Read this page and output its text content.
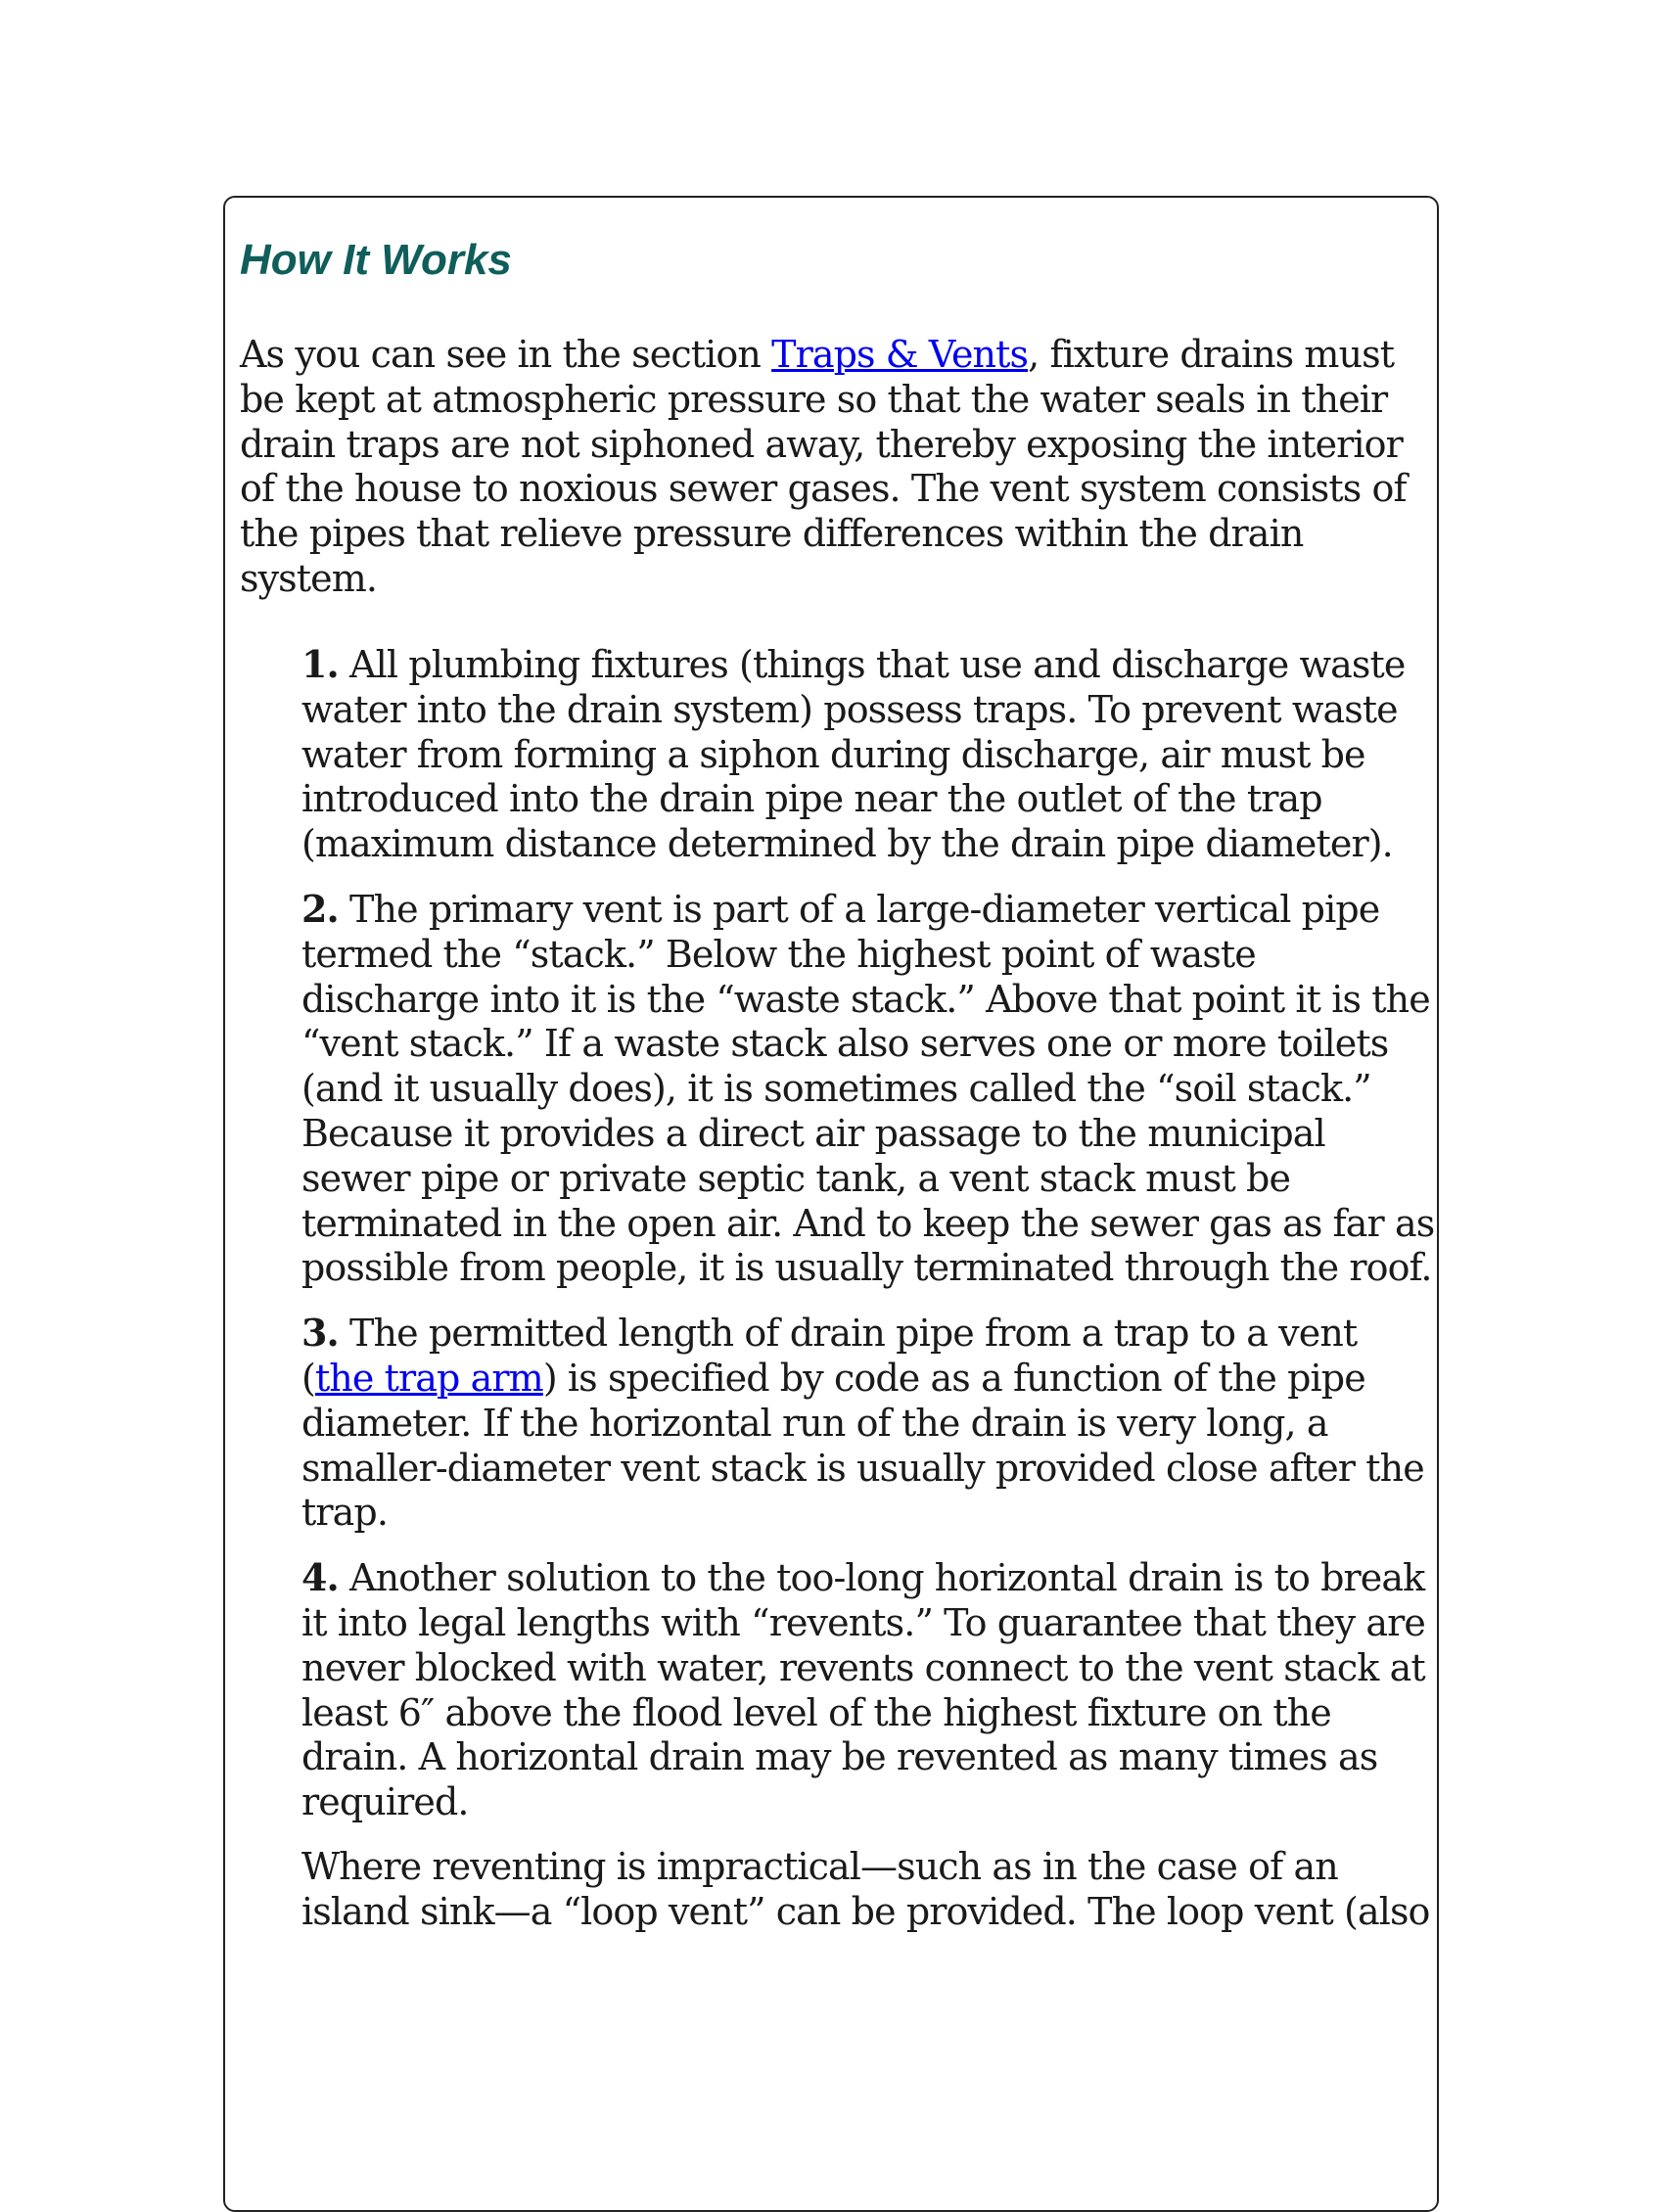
How It Works

As you can see in the section Traps & Vents, fixture drains must be kept at atmospheric pressure so that the water seals in their drain traps are not siphoned away, thereby exposing the interior of the house to noxious sewer gases. The vent system consists of the pipes that relieve pressure differences within the drain system.

1. All plumbing fixtures (things that use and discharge waste water into the drain system) possess traps. To prevent waste water from forming a siphon during discharge, air must be introduced into the drain pipe near the outlet of the trap (maximum distance determined by the drain pipe diameter).

2. The primary vent is part of a large-diameter vertical pipe termed the “stack.” Below the highest point of waste discharge into it is the “waste stack.” Above that point it is the “vent stack.” If a waste stack also serves one or more toilets (and it usually does), it is sometimes called the “soil stack.” Because it provides a direct air passage to the municipal sewer pipe or private septic tank, a vent stack must be terminated in the open air. And to keep the sewer gas as far as possible from people, it is usually terminated through the roof.

3. The permitted length of drain pipe from a trap to a vent (the trap arm) is specified by code as a function of the pipe diameter. If the horizontal run of the drain is very long, a smaller-diameter vent stack is usually provided close after the trap.

4. Another solution to the too-long horizontal drain is to break it into legal lengths with “revents.” To guarantee that they are never blocked with water, revents connect to the vent stack at least 6″ above the flood level of the highest fixture on the drain. A horizontal drain may be revented as many times as required.

Where reventing is impractical—such as in the case of an island sink—a “loop vent” can be provided. The loop vent (also
